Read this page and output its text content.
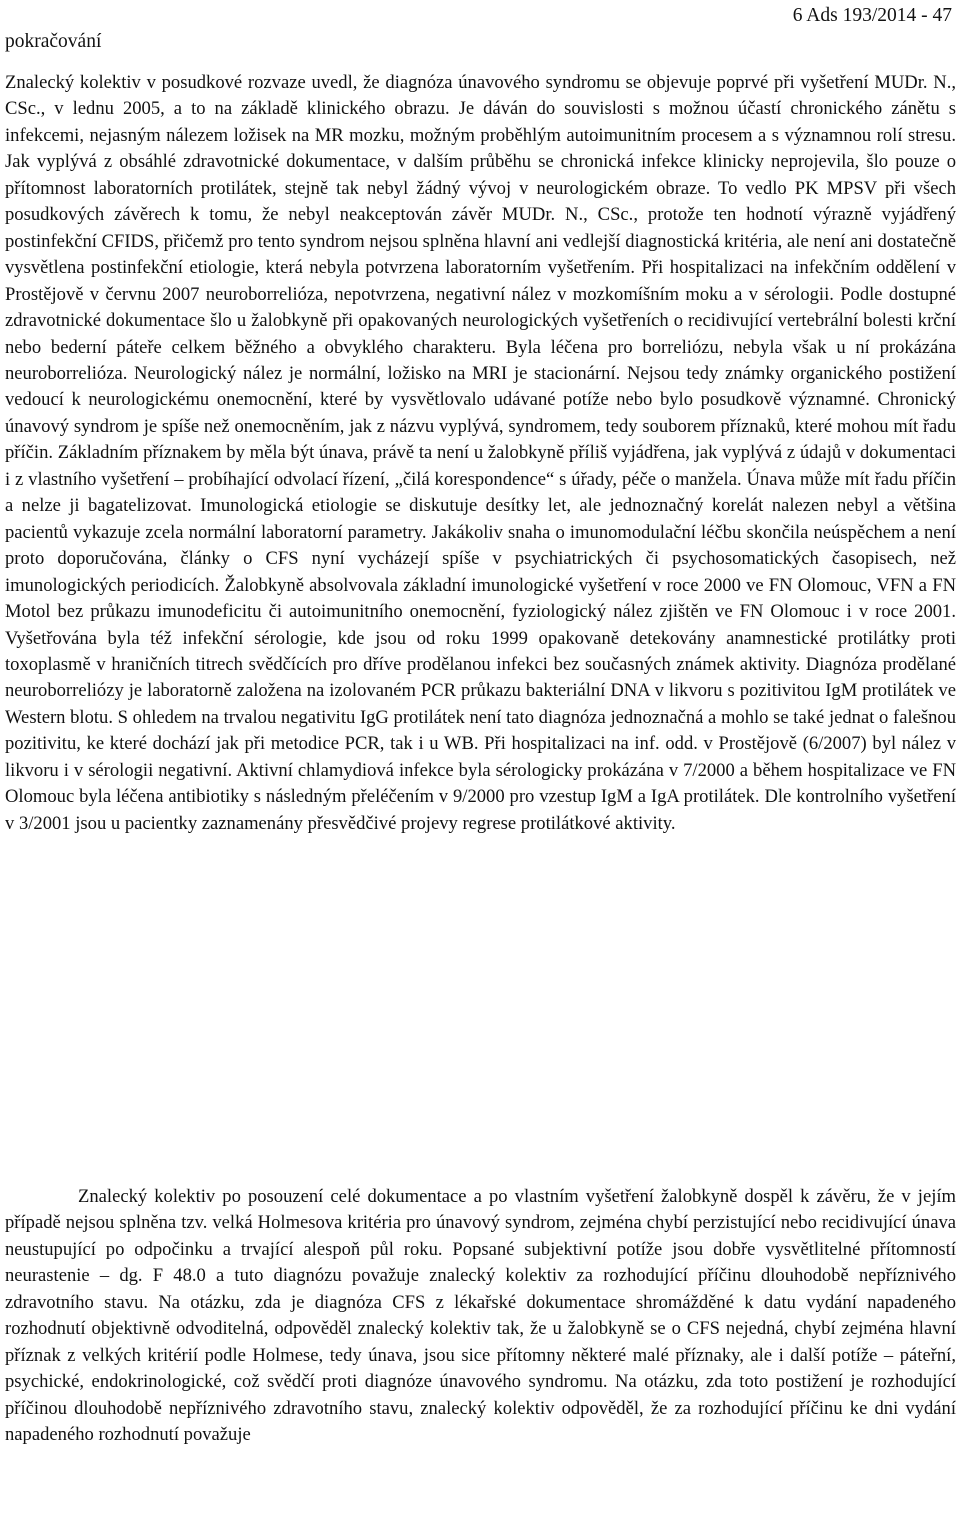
pokračování
6 Ads 193/2014 - 47

Znalecký kolektiv v posudkové rozvaze uvedl, že diagnóza únavového syndromu se objevuje poprvé při vyšetření MUDr. N., CSc., v lednu 2005, a to na základě klinického obrazu. Je dáván do souvislosti s možnou účastí chronického zánětu s infekcemi, nejasným nálezem ložisek na MR mozku, možným proběhlým autoimunitním procesem a s významnou rolí stresu. Jak vyplývá z obsáhlé zdravotnické dokumentace, v dalším průběhu se chronická infekce klinicky neprojevila, šlo pouze o přítomnost laboratorních protilátek, stejně tak nebyl žádný vývoj v neurologickém obraze. To vedlo PK MPSV při všech posudkových závěrech k tomu, že nebyl neakceptován závěr MUDr. N., CSc., protože ten hodnotí výrazně vyjádřený postinfekční CFIDS, přičemž pro tento syndrom nejsou splněna hlavní ani vedlejší diagnostická kritéria, ale není ani dostatečně vysvětlena postinfekční etiologie, která nebyla potvrzena laboratorním vyšetřením. Při hospitalizaci na infekčním oddělení v Prostějově v červnu 2007 neuroborrelióza, nepotvrzena, negativní nález v mozkomíšním moku a v sérologii. Podle dostupné zdravotnické dokumentace šlo u žalobkyně při opakovaných neurologických vyšetřeních o recidivující vertebrální bolesti krční nebo bederní páteře celkem běžného a obvyklého charakteru. Byla léčena pro borreliózu, nebyla však u ní prokázána neuroborrelióza. Neurologický nález je normální, ložisko na MRI je stacionární. Nejsou tedy známky organického postižení vedoucí k neurologickému onemocnění, které by vysvětlovalo udávané potíže nebo bylo posudkově významné. Chronický únavový syndrom je spíše než onemocněním, jak z názvu vyplývá, syndromem, tedy souborem příznaků, které mohou mít řadu příčin. Základním příznakem by měla být únava, právě ta není u žalobkyně příliš vyjádřena, jak vyplývá z údajů v dokumentaci i z vlastního vyšetření – probíhající odvolací řízení, „čilá korespondence“ s úřady, péče o manžela. Únava může mít řadu příčin a nelze ji bagatelizovat. Imunologická etiologie se diskutuje desítky let, ale jednoznačný korelát nalezen nebyl a většina pacientů vykazuje zcela normální laboratorní parametry. Jakákoliv snaha o imunomodulační léčbu skončila neúspěchem a není proto doporučována, články o CFS nyní vycházejí spíše v psychiatrických či psychosomatických časopisech, než imunologických periodicích. Žalobkyně absolvovala základní imunologické vyšetření v roce 2000 ve FN Olomouc, VFN a FN Motol bez průkazu imunodeficitu či autoimunitního onemocnění, fyziologický nález zjištěn ve FN Olomouc i v roce 2001. Vyšetřována byla též infekční sérologie, kde jsou od roku 1999 opakovaně detekovány anamnestické protilátky proti toxoplasmě v hraničních titrech svědčících pro dříve prodělanou infekci bez současných známek aktivity. Diagnóza prodělané neuroborreliózy je laboratorně založena na izolovaném PCR průkazu bakteriální DNA v likvoru s pozitivitou IgM protilátek ve Western blotu. S ohledem na trvalou negativitu IgG protilátek není tato diagnóza jednoznačná a mohlo se také jednat o falešnou pozitivitu, ke které dochází jak při metodice PCR, tak i u WB. Při hospitalizaci na inf. odd. v Prostějově (6/2007) byl nález v likvoru i v sérologii negativní. Aktivní chlamydiová infekce byla sérologicky prokázána v 7/2000 a během hospitalizace ve FN Olomouc byla léčena antibiotiky s následným přeléčením v 9/2000 pro vzestup IgM a IgA protilátek. Dle kontrolního vyšetření v 3/2001 jsou u pacientky zaznamenány přesvědčivé projevy regrese protilátkové aktivity.

Znalecký kolektiv po posouzení celé dokumentace a po vlastním vyšetření žalobkyně dospěl k závěru, že v jejím případě nejsou splněna tzv. velká Holmesova kritéria pro únavový syndrom, zejména chybí perzistující nebo recidivující únava neustupující po odpočinku a trvající alespoň půl roku. Popsané subjektivní potíže jsou dobře vysvětlitelné přítomností neurastenie – dg. F 48.0 a tuto diagnózu považuje znalecký kolektiv za rozhodující příčinu dlouhodobě nepříznivého zdravotního stavu. Na otázku, zda je diagnóza CFS z lékařské dokumentace shromážděné k datu vydání napadeného rozhodnutí objektivně odvoditelná, odpověděl znalecký kolektiv tak, že u žalobkyně se o CFS nejedná, chybí zejména hlavní příznak z velkých kritérií podle Holmese, tedy únava, jsou sice přítomny některé malé příznaky, ale i další potíže – páteřní, psychické, endokrinologické, což svědčí proti diagnóze únavového syndromu. Na otázku, zda toto postižení je rozhodující příčinou dlouhodobě nepříznivého zdravotního stavu, znalecký kolektiv odpověděl, že za rozhodující příčinu ke dni vydání napadeného rozhodnutí považuje
